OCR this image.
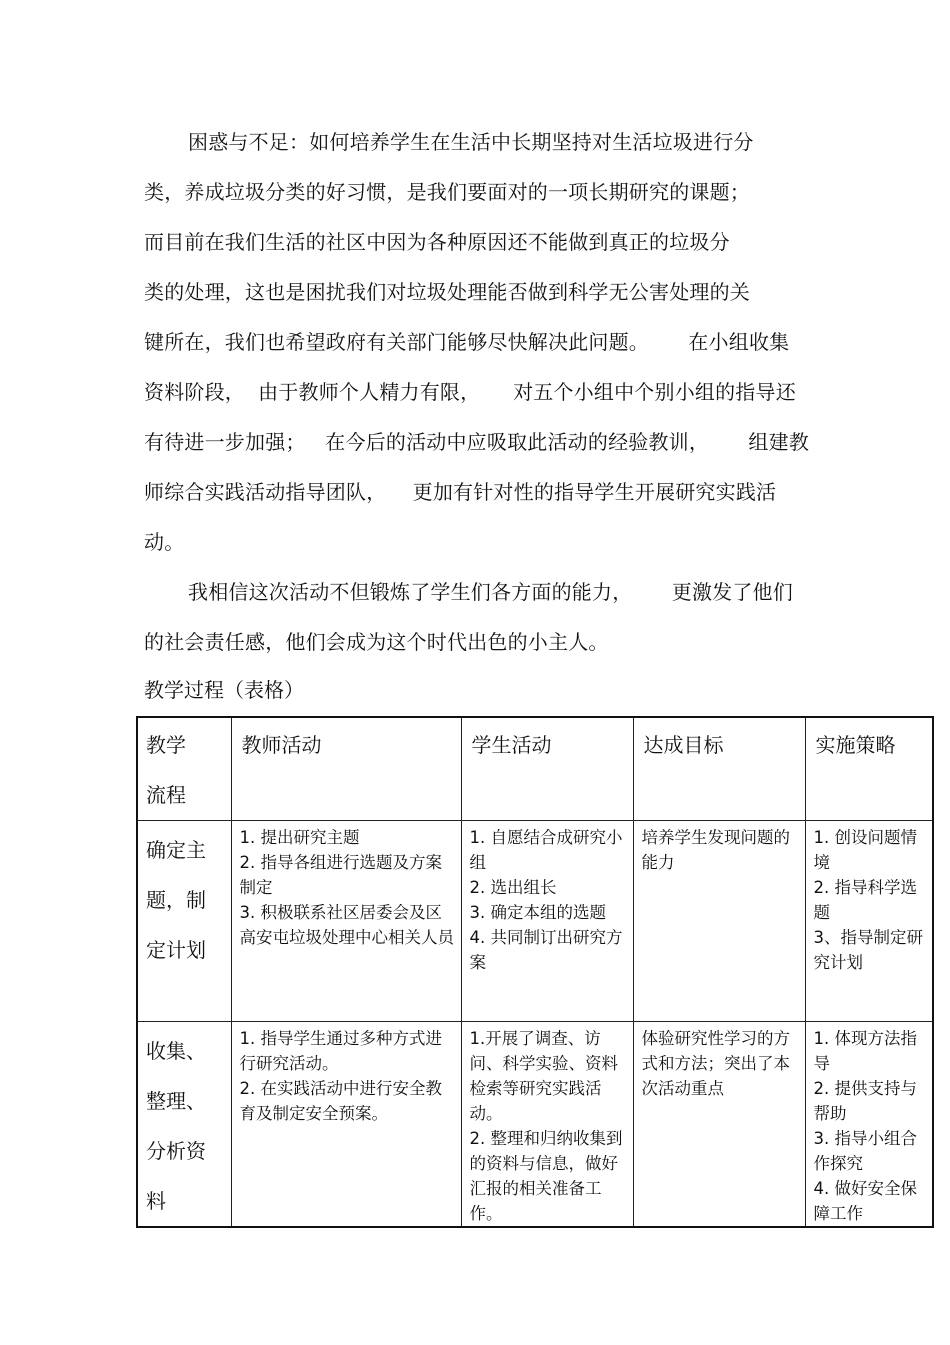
困惑与不足：如何培养学生在生活中长期坚持对生活垃圾进行分
类，养成垃圾分类的好习惯，是我们要面对的一项长期研究的课题；
而目前在我们生活的社区中因为各种原因还不能做到真正的垃圾分
类的处理，这也是困扰我们对垃圾处理能否做到科学无公害处理的关
键所在，我们也希望政府有关部门能够尽快解决此问题。      在小组收集
资料阶段，  由于教师个人精力有限，     对五个小组中个别小组的指导还
有待进一步加强；   在今后的活动中应吸取此活动的经验教训，      组建教
师综合实践活动指导团队，    更加有针对性的指导学生开展研究实践活
动。
我相信这次活动不但锻炼了学生们各方面的能力，      更激发了他们
的社会责任感，他们会成为这个时代出色的小主人。
教学过程（表格）
教学流程	教师活动	学生活动	达成目标	实施策略

确定主题，制定计划	1. 提出研究主题
2. 指导各组进行选题及方案制定
3. 积极联系社区居委会及区高安屯垃圾处理中心相关人员	1. 自愿结合成研究小组
2. 选出组长
3. 确定本组的选题
4. 共同制订出研究方案	培养学生发现问题的能力	1. 创设问题情境
2. 指导科学选题
3、指导制定研究计划

收集、整理、分析资料	1. 指导学生通过多种方式进行研究活动。
2. 在实践活动中进行安全教育及制定安全预案。	1.开展了调查、访问、科学实验、资料检索等研究实践活动。
2. 整理和归纳收集到的资料与信息，做好汇报的相关准备工作。	体验研究性学习的方式和方法；突出了本次活动重点	1. 体现方法指导
2. 提供支持与帮助
3. 指导小组合作探究
4. 做好安全保障工作
